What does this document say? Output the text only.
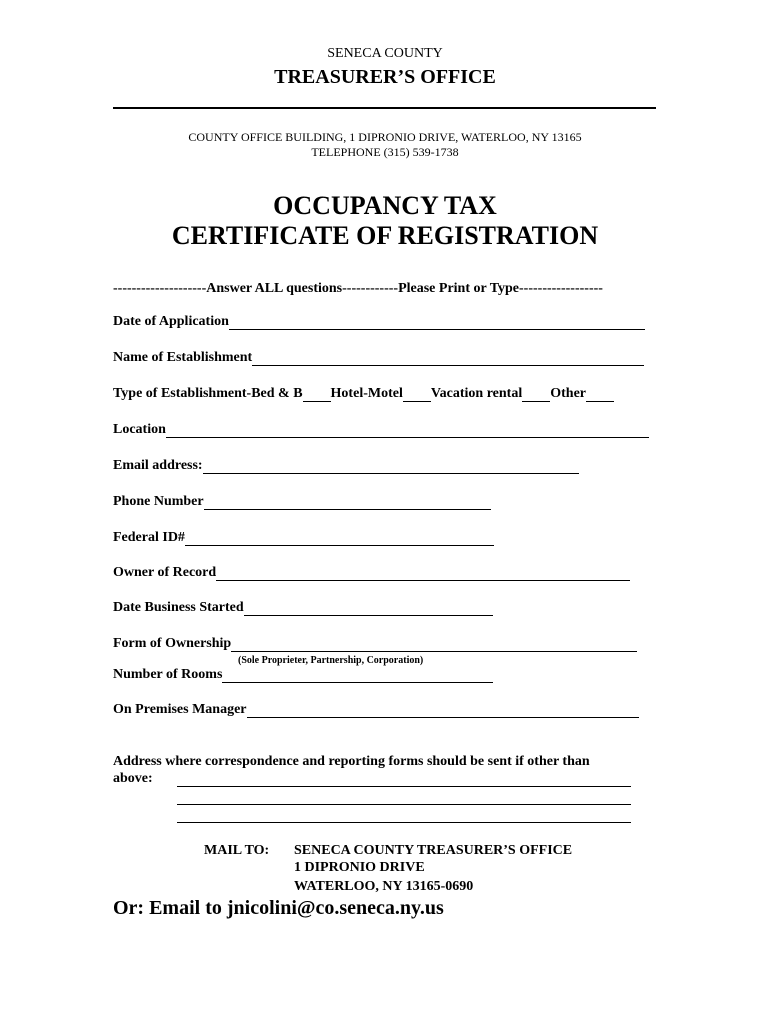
SENECA COUNTY
TREASURER’S OFFICE
COUNTY OFFICE BUILDING, 1 DIPRONIO DRIVE, WATERLOO, NY 13165
TELEPHONE (315) 539-1738
OCCUPANCY TAX
CERTIFICATE OF REGISTRATION
--------------------Answer ALL questions------------Please Print or Type------------------
Date of Application
Name of Establishment
Type of Establishment-Bed & B Hotel-Motel Vacation rental Other
Location
Email address:
Phone Number
Federal ID#
Owner of Record
Date Business Started
Form of Ownership
(Sole Proprieter, Partnership, Corporation)
Number of Rooms
On Premises Manager
Address where correspondence and reporting forms should be sent if other than
above:
MAIL TO: SENECA COUNTY TREASURER’S OFFICE
1 DIPRONIO DRIVE
WATERLOO, NY 13165-0690
Or: Email to jnicolini@co.seneca.ny.us
